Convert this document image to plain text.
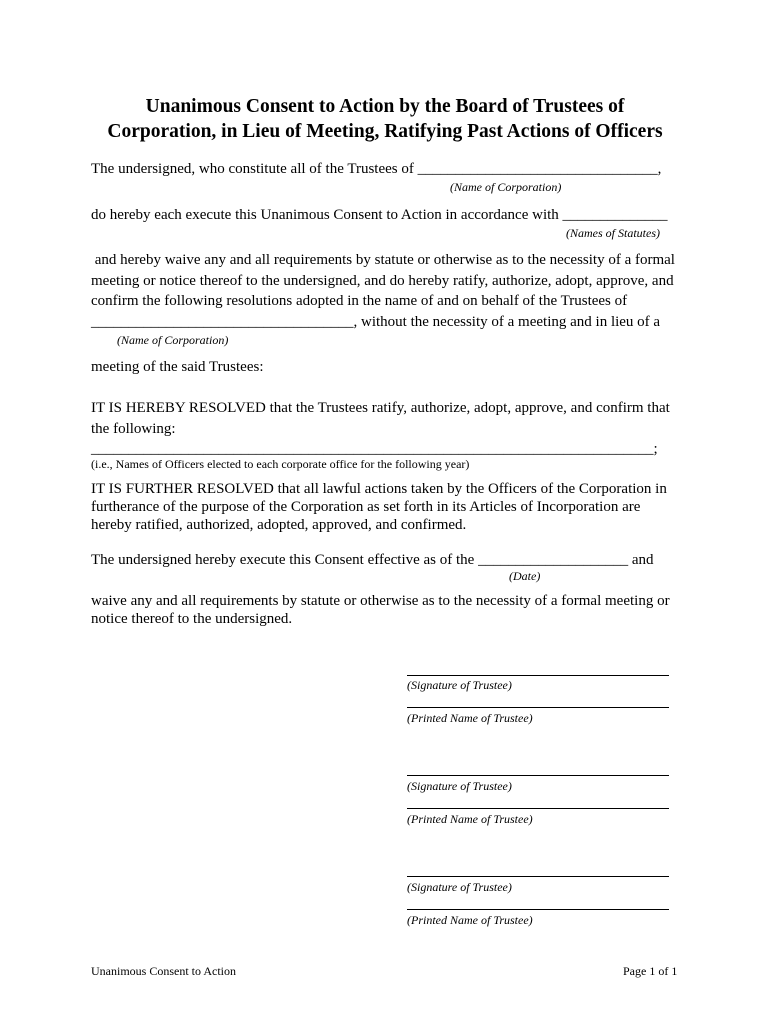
Unanimous Consent to Action by the Board of Trustees of
Corporation, in Lieu of Meeting, Ratifying Past Actions of Officers
The undersigned, who constitute all of the Trustees of ________________________________,
(Name of Corporation)
do hereby each execute this Unanimous Consent to Action in accordance with ______________
(Names of Statutes)
and hereby waive any and all requirements by statute or otherwise as to the necessity of a formal
meeting or notice thereof to the undersigned, and do hereby ratify, authorize, adopt, approve, and
confirm the following resolutions adopted in the name of and on behalf of the Trustees of
___________________________________, without the necessity of a meeting and in lieu of a
(Name of Corporation)
meeting of the said Trustees:
IT IS HEREBY RESOLVED that the Trustees ratify, authorize, adopt, approve, and confirm that
the following:
___________________________________________________________________________;
(i.e., Names of Officers elected to each corporate office for the following year)
IT IS FURTHER RESOLVED that all lawful actions taken by the Officers of the Corporation in
furtherance of the purpose of the Corporation as set forth in its Articles of Incorporation are
hereby ratified, authorized, adopted, approved, and confirmed.
The undersigned hereby execute this Consent effective as of the ____________________ and
(Date)
waive any and all requirements by statute or otherwise as to the necessity of a formal meeting or
notice thereof to the undersigned.
(Signature of Trustee)
(Printed Name of Trustee)
(Signature of Trustee)
(Printed Name of Trustee)
(Signature of Trustee)
(Printed Name of Trustee)
Unanimous Consent to Action	Page 1 of 1
